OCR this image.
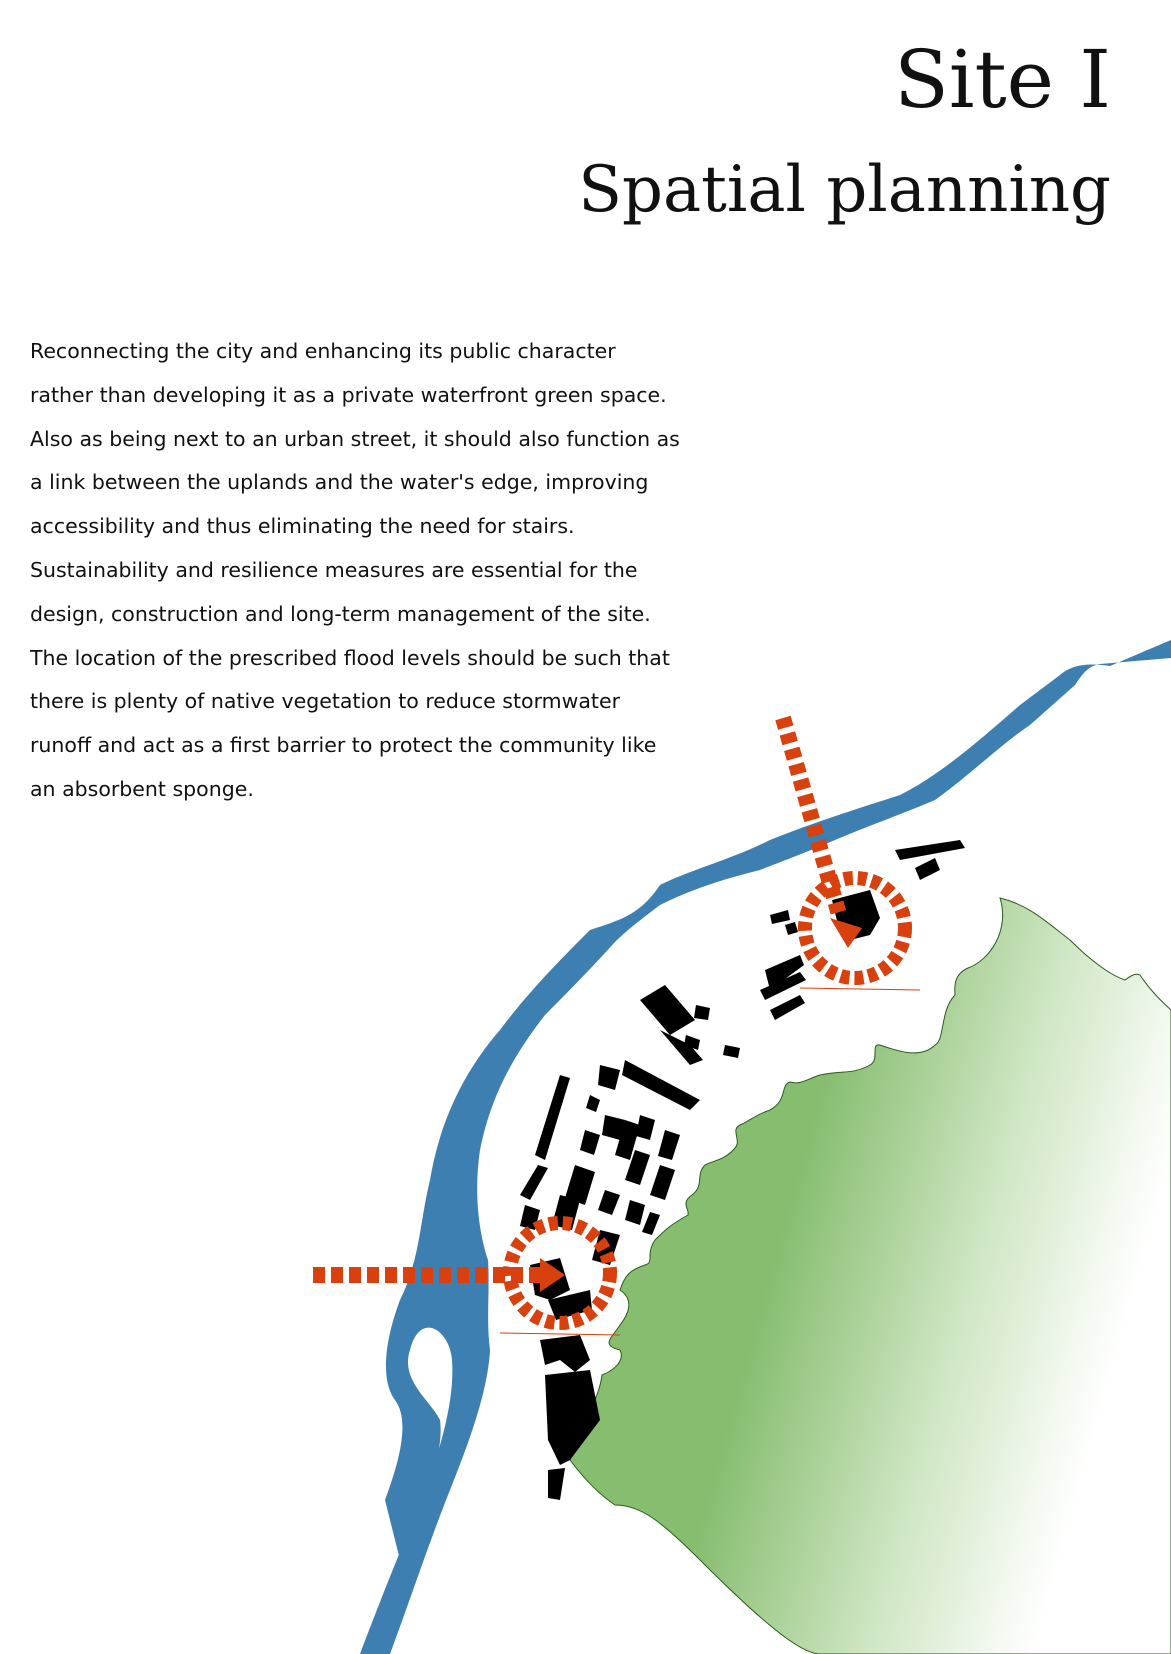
Site I
Spatial planning

Reconnecting the city and enhancing its public character rather than developing it as a private waterfront green space. Also as being next to an urban street, it should also function as a link between the uplands and the water's edge, improving accessibility and thus eliminating the need for stairs.

Sustainability and resilience measures are essential for the design, construction and long-term management of the site. The location of the prescribed flood levels should be such that there is plenty of native vegetation to reduce stormwater runoff and act as a first barrier to protect the community like an absorbent sponge.
